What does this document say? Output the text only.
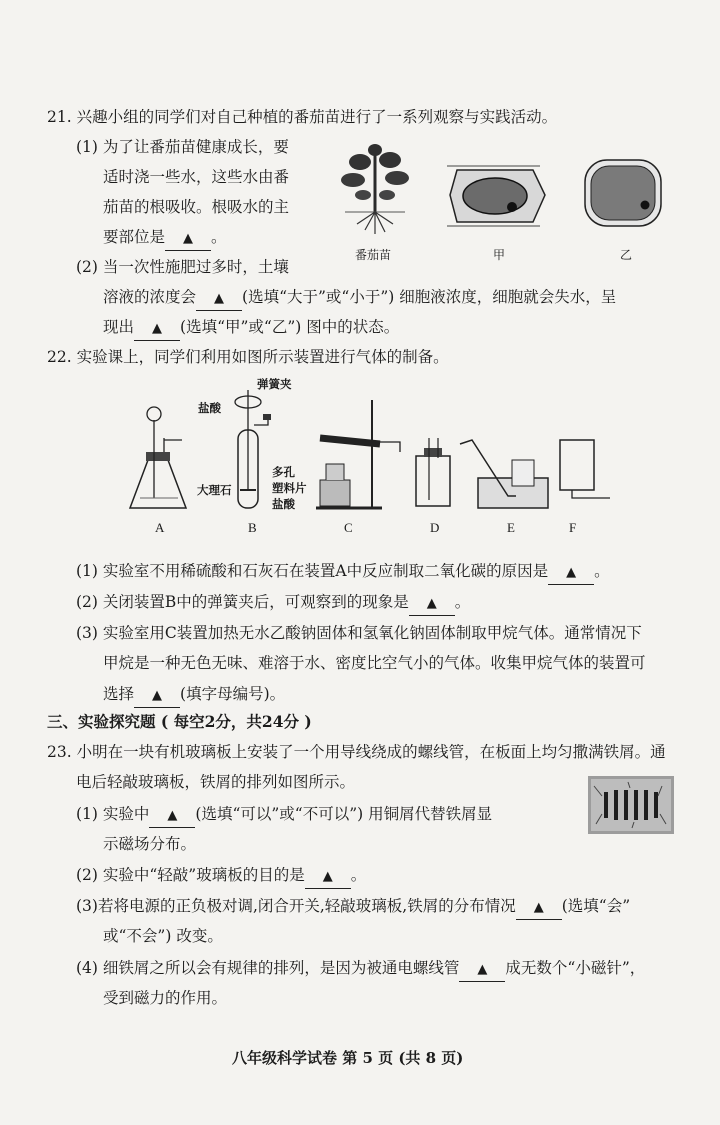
21. 兴趣小组的同学们对自己种植的番茄苗进行了一系列观察与实践活动。
(1) 为了让番茄苗健康成长，要
适时浇一些水，这些水由番
茄苗的根吸收。根吸水的主
要部位是 ▲ 。
(2) 当一次性施肥过多时，土壤
溶液的浓度会 ▲ (选填“大于”或“小于”) 细胞液浓度，细胞就会失水，呈
现出 ▲ (选填“甲”或“乙”) 图中的状态。
番茄苗	甲	乙
22. 实验课上，同学们利用如图所示装置进行气体的制备。
弹簧夹
盐酸
大理石
多孔
塑料片
盐酸
A	B	C	D	E	F
(1) 实验室不用稀硫酸和石灰石在装置A中反应制取二氧化碳的原因是 ▲ 。
(2) 关闭装置B中的弹簧夹后，可观察到的现象是 ▲ 。
(3) 实验室用C装置加热无水乙酸钠固体和氢氧化钠固体制取甲烷气体。通常情况下
甲烷是一种无色无味、难溶于水、密度比空气小的气体。收集甲烷气体的装置可
选择 ▲ (填字母编号)。
三、实验探究题 ( 每空2分，共24分 )
23. 小明在一块有机玻璃板上安装了一个用导线绕成的螺线管，在板面上均匀撒满铁屑。通
电后轻敲玻璃板，铁屑的排列如图所示。
(1) 实验中 ▲ (选填“可以”或“不可以”) 用铜屑代替铁屑显
示磁场分布。
(2) 实验中“轻敲”玻璃板的目的是 ▲ 。
(3)若将电源的正负极对调,闭合开关,轻敲玻璃板,铁屑的分布情况 ▲ (选填“会”
或“不会”) 改变。
(4) 细铁屑之所以会有规律的排列，是因为被通电螺线管 ▲ 成无数个“小磁针”，
受到磁力的作用。
八年级科学试卷 第 5 页 (共 8 页)
